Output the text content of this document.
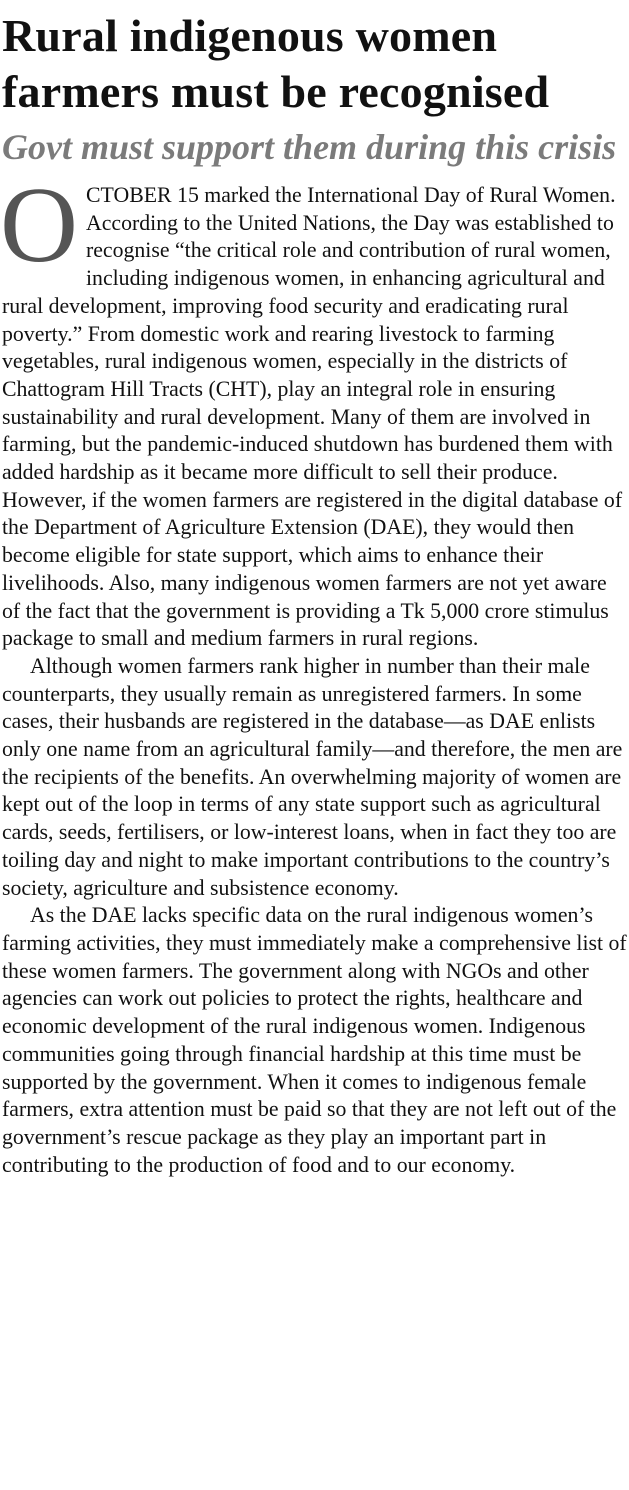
Rural indigenous women farmers must be recognised
Govt must support them during this crisis

OCTOBER 15 marked the International Day of Rural Women. According to the United Nations, the Day was established to recognise “the critical role and contribution of rural women, including indigenous women, in enhancing agricultural and rural development, improving food security and eradicating rural poverty.” From domestic work and rearing livestock to farming vegetables, rural indigenous women, especially in the districts of Chattogram Hill Tracts (CHT), play an integral role in ensuring sustainability and rural development. Many of them are involved in farming, but the pandemic-induced shutdown has burdened them with added hardship as it became more difficult to sell their produce. However, if the women farmers are registered in the digital database of the Department of Agriculture Extension (DAE), they would then become eligible for state support, which aims to enhance their livelihoods. Also, many indigenous women farmers are not yet aware of the fact that the government is providing a Tk 5,000 crore stimulus package to small and medium farmers in rural regions.

Although women farmers rank higher in number than their male counterparts, they usually remain as unregistered farmers. In some cases, their husbands are registered in the database—as DAE enlists only one name from an agricultural family—and therefore, the men are the recipients of the benefits. An overwhelming majority of women are kept out of the loop in terms of any state support such as agricultural cards, seeds, fertilisers, or low-interest loans, when in fact they too are toiling day and night to make important contributions to the country’s society, agriculture and subsistence economy.

As the DAE lacks specific data on the rural indigenous women’s farming activities, they must immediately make a comprehensive list of these women farmers. The government along with NGOs and other agencies can work out policies to protect the rights, healthcare and economic development of the rural indigenous women. Indigenous communities going through financial hardship at this time must be supported by the government. When it comes to indigenous female farmers, extra attention must be paid so that they are not left out of the government’s rescue package as they play an important part in contributing to the production of food and to our economy.
